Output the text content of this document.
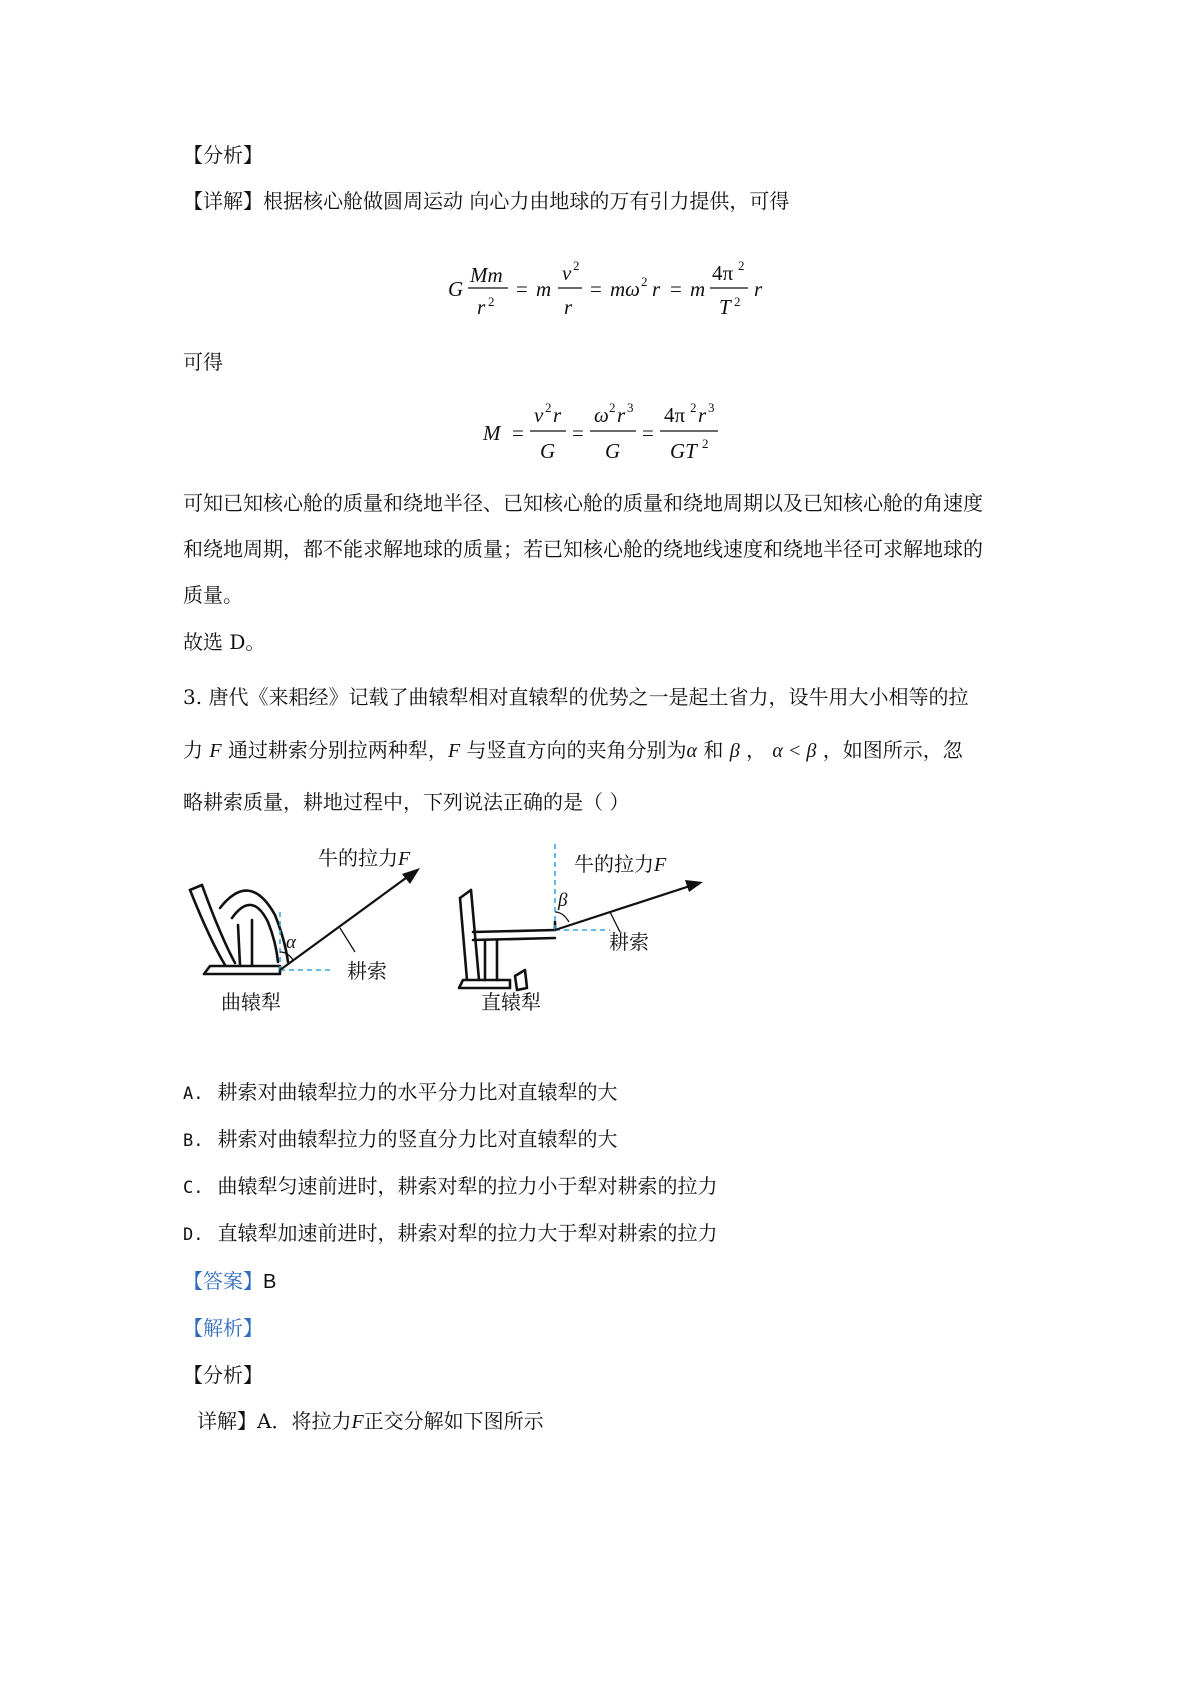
【分析】
【详解】根据核心舱做圆周运动 向心力由地球的万有引力提供，可得
G
Mm
r 2
= m
v 2
r
= mω 2 r = m
4π 2
T 2
r
可得
M =
v 2 r
G
=
ω 2 r 3
G
=
4π 2 r 3
GT 2
可知已知核心舱的质量和绕地半径、已知核心舱的质量和绕地周期以及已知核心舱的角速度
和绕地周期，都不能求解地球的质量；若已知核心舱的绕地线速度和绕地半径可求解地球的
质量。
故选 D。
3. 唐代《来耜经》记载了曲辕犁相对直辕犁的优势之一是起土省力，设牛用大小相等的拉
力 F 通过耕索分别拉两种犁，F 与竖直方向的夹角分别为α 和 β ， α < β ，如图所示，忽
略耕索质量，耕地过程中，下列说法正确的是（ ）
α
牛的拉力F
耕索
曲辕犁
β
牛的拉力F
耕索
直辕犁
A. 耕索对曲辕犁拉力的水平分力比对直辕犁的大
B. 耕索对曲辕犁拉力的竖直分力比对直辕犁的大
C. 曲辕犁匀速前进时，耕索对犁的拉力小于犁对耕索的拉力
D. 直辕犁加速前进时，耕索对犁的拉力大于犁对耕索的拉力
【答案】B
【解析】
【分析】
详解】A．将拉力F正交分解如下图所示
